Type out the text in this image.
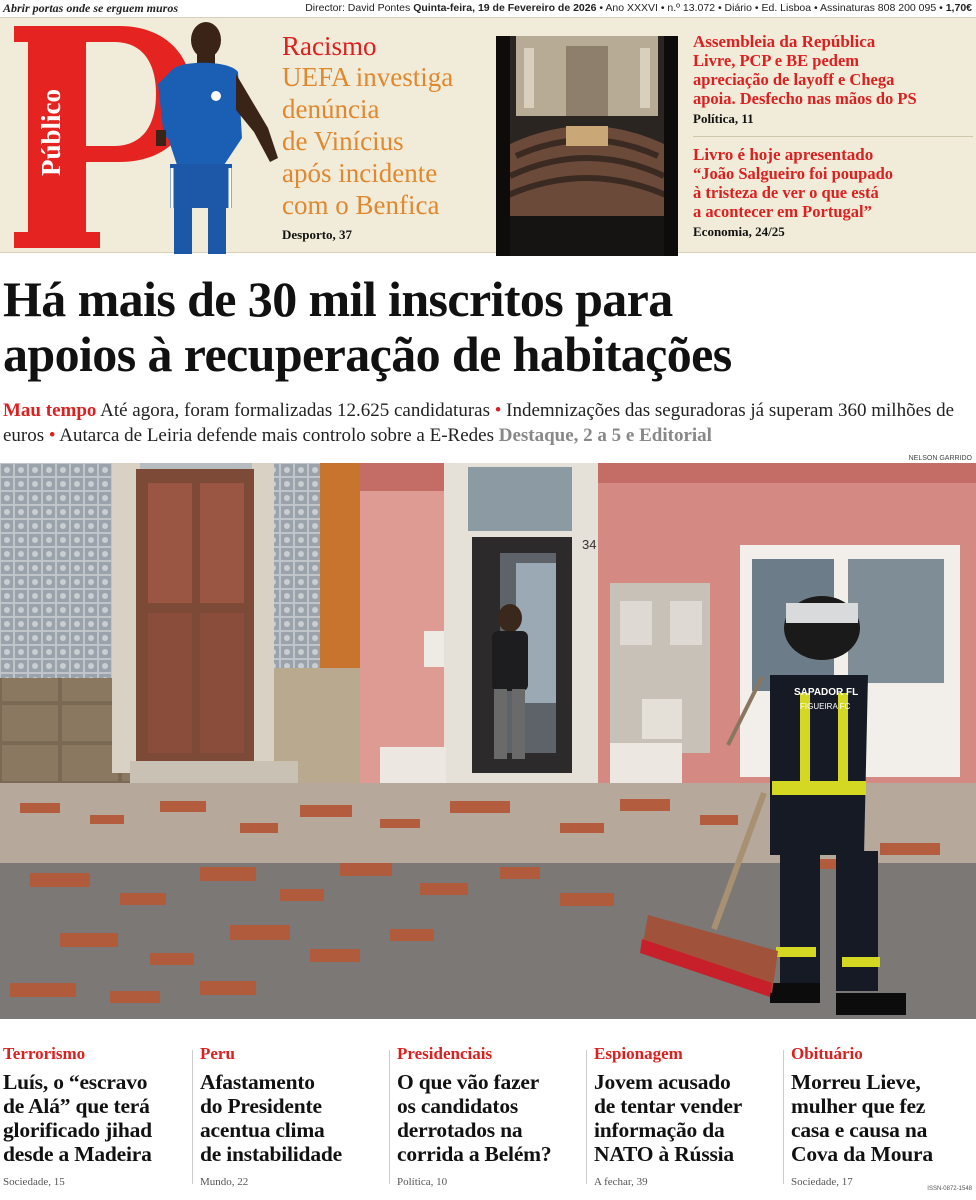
Abrir portas onde se erguem muros	Director: David Pontes Quinta-feira, 19 de Fevereiro de 2026 • Ano XXXVI • n.º 13.072 • Diário • Ed. Lisboa • Assinaturas 808 200 095 • 1,70€
Público
Racismo
UEFA investiga
denúncia
de Vinícius
após incidente
com o Benfica
Desporto, 37
Assembleia da República
Livre, PCP e BE pedem
apreciação de layoff e Chega
apoia. Desfecho nas mãos do PS
Política, 11
Livro é hoje apresentado
“João Salgueiro foi poupado
à tristeza de ver o que está
a acontecer em Portugal”
Economia, 24/25
Há mais de 30 mil inscritos para
apoios à recuperação de habitações
Mau tempo Até agora, foram formalizadas 12.625 candidaturas • Indemnizações das seguradoras já superam 360 milhões de euros • Autarca de Leiria defende mais controlo sobre a E-Redes Destaque, 2 a 5 e Editorial
NELSON GARRIDO
34
SAPADOR FL
FIGUEIRA FC
Terrorismo
Luís, o “escravo
de Alá” que terá
glorificado jihad
desde a Madeira
Sociedade, 15
Peru
Afastamento
do Presidente
acentua clima
de instabilidade
Mundo, 22
Presidenciais
O que vão fazer
os candidatos
derrotados na
corrida a Belém?
Política, 10
Espionagem
Jovem acusado
de tentar vender
informação da
NATO à Rússia
A fechar, 39
Obituário
Morreu Lieve,
mulher que fez
casa e causa na
Cova da Moura
Sociedade, 17
ISSN-0872-1548
